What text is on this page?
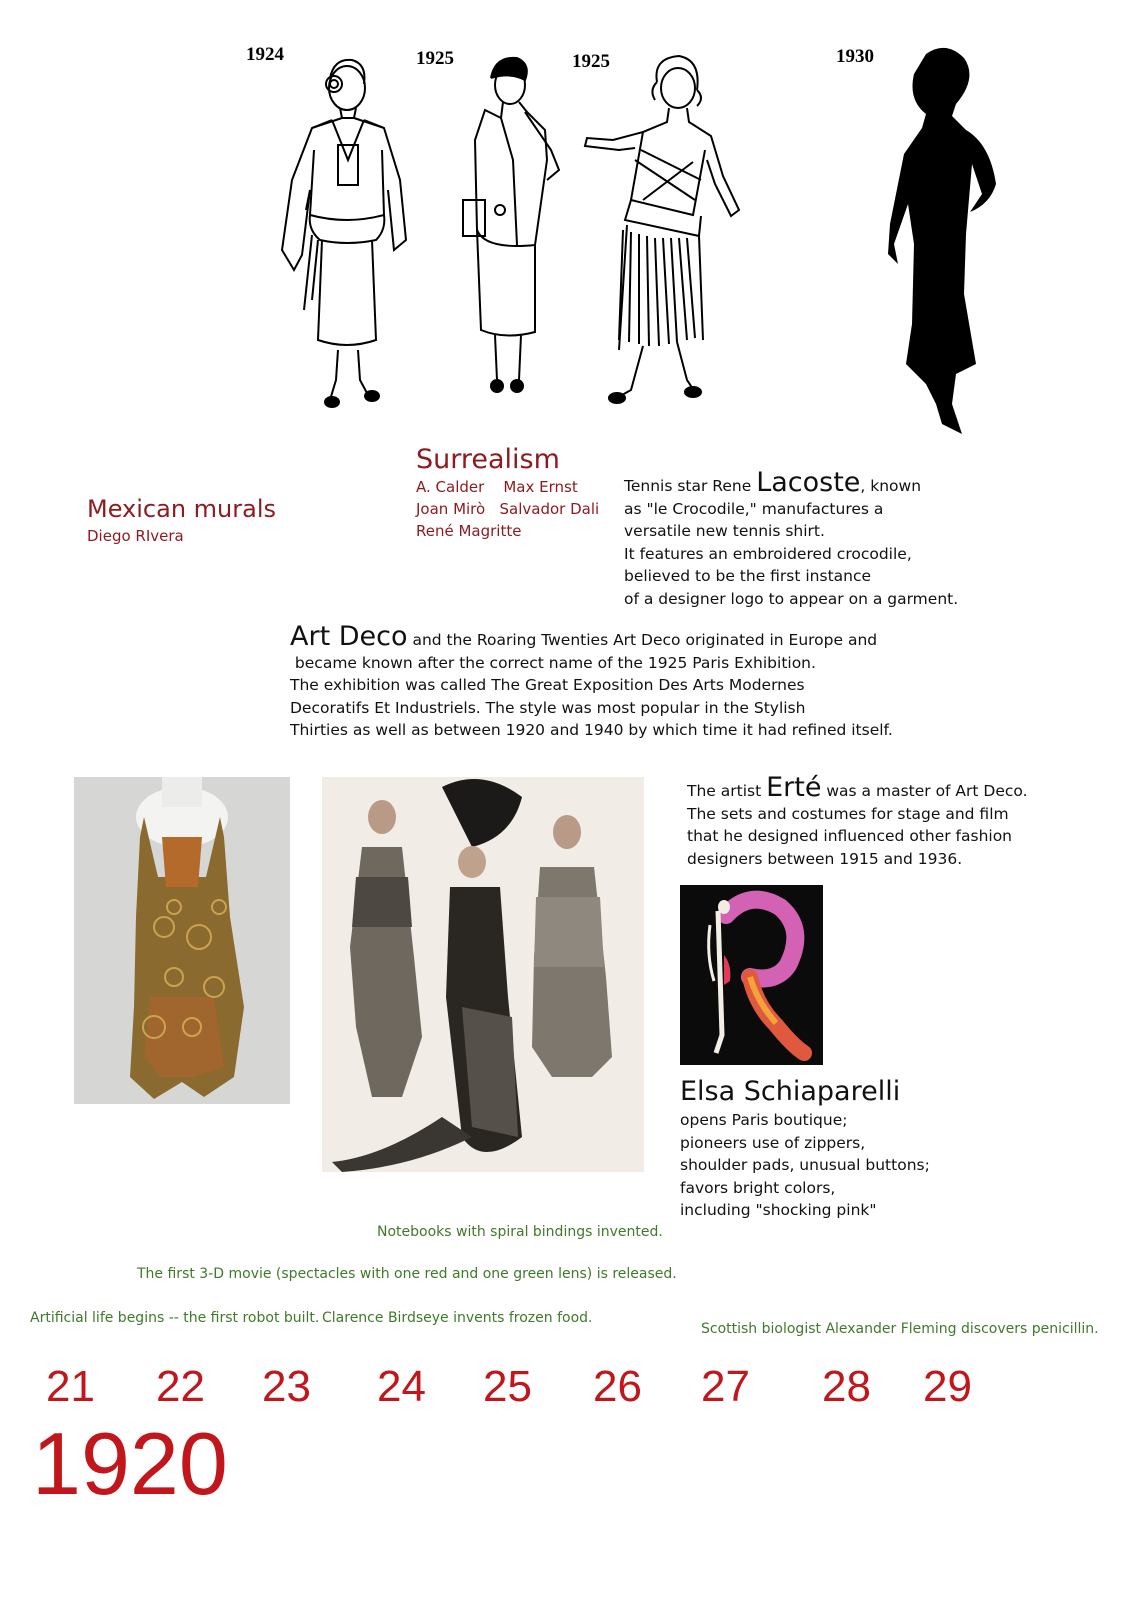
1924	1925	1925	1930
Surrealism
A. Calder    Max Ernst
Joan Mirò   Salvador Dali
René Magritte
Mexican murals
Diego RIvera
Tennis star Rene Lacoste, known
as "le Crocodile," manufactures a
versatile new tennis shirt.
It features an embroidered crocodile,
believed to be the first instance
of a designer logo to appear on a garment.
Art Deco and the Roaring Twenties Art Deco originated in Europe and
became known after the correct name of the 1925 Paris Exhibition.
The exhibition was called The Great Exposition Des Arts Modernes
Decoratifs Et Industriels. The style was most popular in the Stylish
Thirties as well as between 1920 and 1940 by which time it had refined itself.
The artist Erté was a master of Art Deco.
The sets and costumes for stage and film
that he designed influenced other fashion
designers between 1915 and 1936.
Elsa Schiaparelli
opens Paris boutique;
pioneers use of zippers,
shoulder pads, unusual buttons;
favors bright colors,
including "shocking pink"
Notebooks with spiral bindings invented.
The first 3-D movie (spectacles with one red and one green lens) is released.
Artificial life begins -- the first robot built. Clarence Birdseye invents frozen food.
Scottish biologist Alexander Fleming discovers penicillin.
21 22 23 24 25 26 27 28 29
1920
